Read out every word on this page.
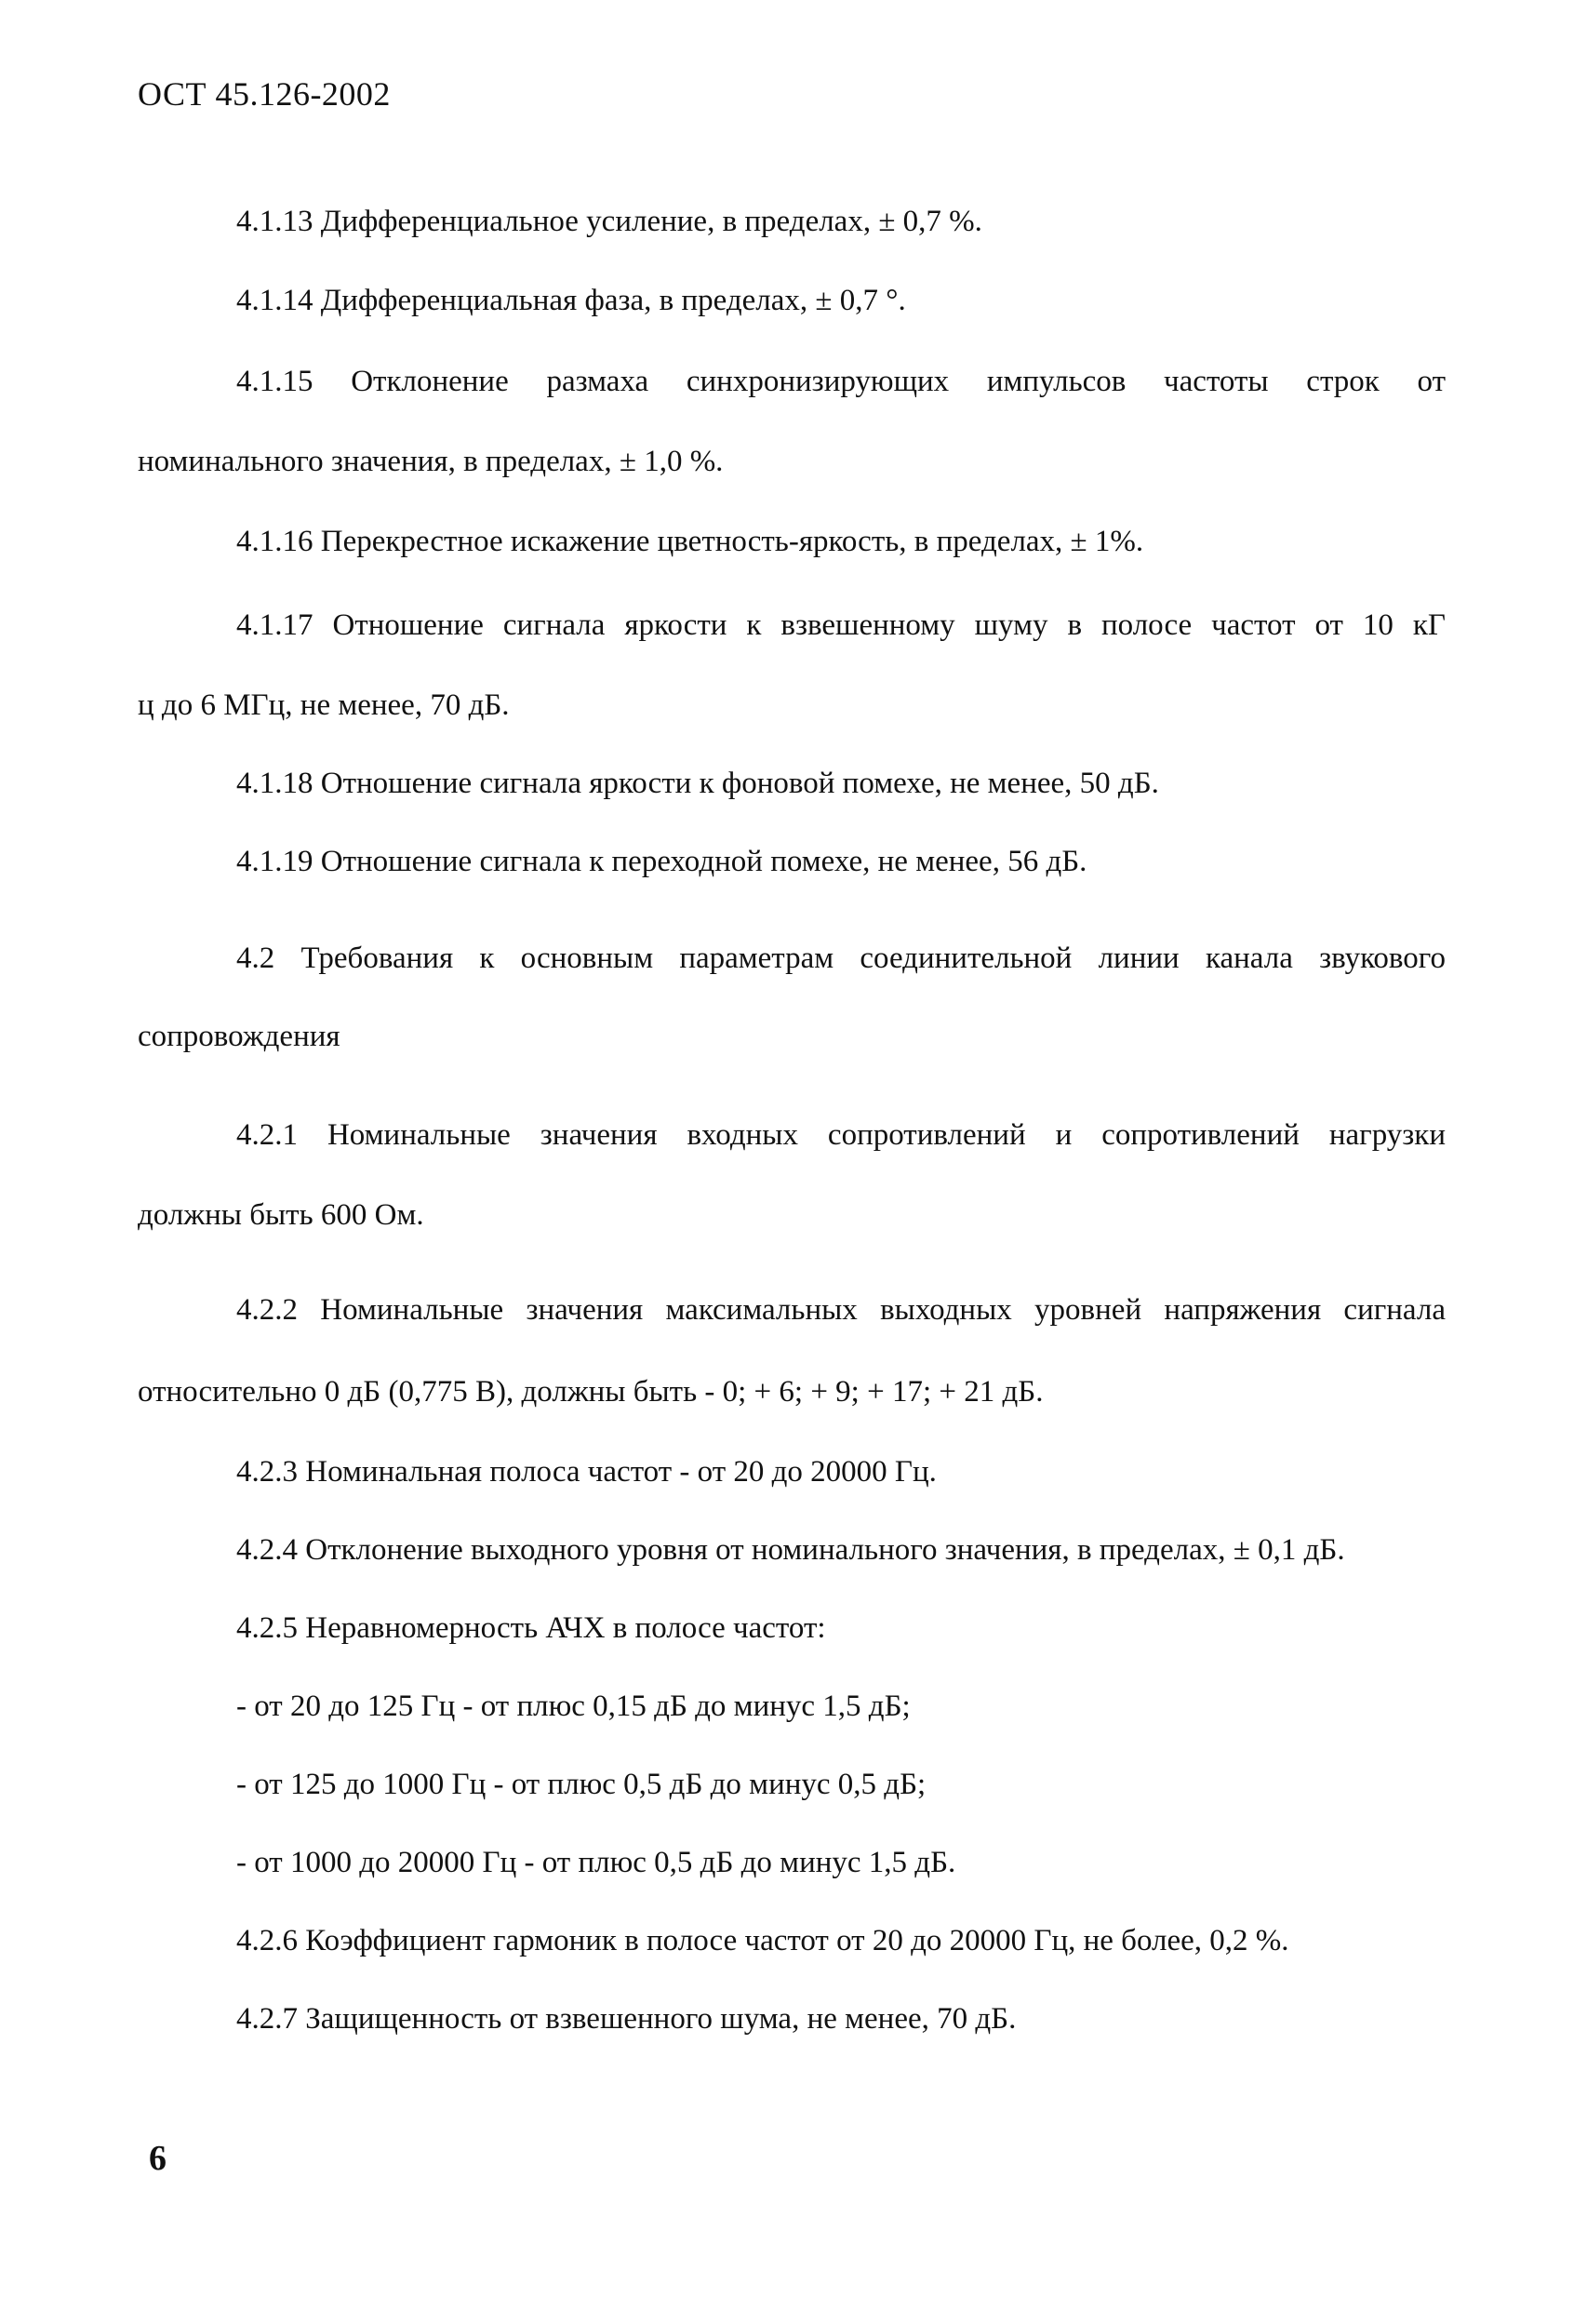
ОСТ 45.126-2002
4.1.13 Дифференциальное усиление, в пределах, ± 0,7 %.
4.1.14 Дифференциальная фаза, в пределах, ± 0,7 °.
4.1.15 Отклонение размаха синхронизирующих импульсов частоты строк от
номинального значения, в пределах, ± 1,0 %.
4.1.16 Перекрестное искажение цветность-яркость, в пределах, ± 1%.
4.1.17 Отношение сигнала яркости к взвешенному шуму в полосе частот от 10 кГ
ц до 6 МГц, не менее, 70 дБ.
4.1.18 Отношение сигнала яркости к фоновой помехе, не менее, 50 дБ.
4.1.19 Отношение сигнала к переходной помехе, не менее, 56 дБ.
4.2 Требования к основным параметрам соединительной линии канала звукового
сопровождения
4.2.1 Номинальные значения входных сопротивлений и сопротивлений нагрузки
должны быть 600 Ом.
4.2.2 Номинальные значения максимальных выходных уровней напряжения сигнала
относительно 0 дБ (0,775 В), должны быть - 0; + 6; + 9; + 17; + 21 дБ.
4.2.3 Номинальная полоса частот - от 20 до 20000 Гц.
4.2.4 Отклонение выходного уровня от номинального значения, в пределах, ± 0,1 дБ.
4.2.5 Неравномерность АЧХ в полосе частот:
- от 20 до 125 Гц - от плюс 0,15 дБ до минус 1,5 дБ;
- от 125 до 1000 Гц - от плюс 0,5 дБ до минус 0,5 дБ;
- от 1000 до 20000 Гц - от плюс 0,5 дБ до минус 1,5 дБ.
4.2.6 Коэффициент гармоник в полосе частот от 20 до 20000 Гц, не более, 0,2 %.
4.2.7 Защищенность от взвешенного шума, не менее, 70 дБ.
6
